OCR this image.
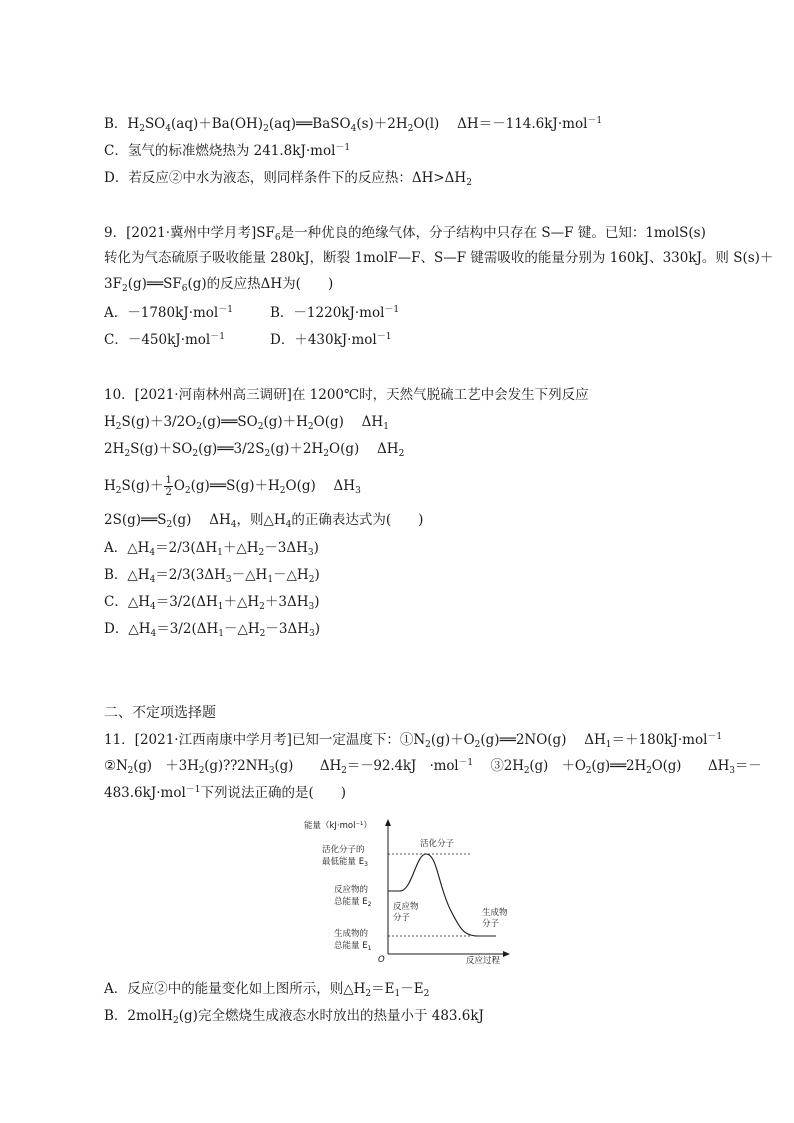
B．$H_2SO_4(aq)+Ba(OH)_2(aq)══BaSO_4(s)+2H_2O(l)$　 ΔH＝－114.6kJ·mol$^{-1}$
C．氢气的标准燃烧热为 241.8kJ·mol$^{-1}$
D．若反应②中水为液态，则同样条件下的反应热：$\Delta H>\Delta H_2$
9．[2021·冀州中学月考]$SF_6$是一种优良的绝缘气体，分子结构中只存在 S—F 键。已知：1molS(s)
转化为气态硫原子吸收能量 280kJ，断裂 1molF—F、S—F 键需吸收的能量分别为 160kJ、330kJ。则 S(s)＋
$3F_2(g)══SF_6(g)$的反应热ΔH为(　　)
A．－1780kJ·mol$^{-1}$	B．－1220kJ·mol$^{-1}$
C．－450kJ·mol$^{-1}$	D．＋430kJ·mol$^{-1}$
10．[2021·河南林州高三调研]在 1200℃时，天然气脱硫工艺中会发生下列反应
$H_2S(g)+3/2O_2(g)══SO_2(g)+H_2O(g)$　 $\Delta H_1$
$2H_2S(g)+SO_2(g)══3/2S_2(g)+2H_2O(g)$　 $\Delta H_2$
$H_2S(g)+ \frac{1}{2}$ $O_2(g)══S(g)+H_2O(g)$　 $\Delta H_3$
$2S(g)══S_2(g)$　 $\Delta H_4$，则$\triangle H_4$的正确表达式为(　　)
A．$\triangle H_4=2/3(\Delta H_1+\triangle H_2-3\Delta H_3)$
B．$\triangle H_4=2/3(3\Delta H_3-\triangle H_1-\triangle H_2)$
C．$\triangle H_4=3/2(\Delta H_1+\triangle H_2+3\Delta H_3)$
D．$\triangle H_4=3/2(\Delta H_1-\triangle H_2-3\Delta H_3)$
二、不定项选择题
11．[2021·江西南康中学月考]已知一定温度下：$①N_2(g)+O_2(g)══2NO(g)$　 $\Delta H_1=+180kJ\cdot mol^{-1}$
$②N_2(g)$　$+3H_2(g)??2NH_3(g)$　　$\Delta H_2=-92.4kJ$　·mol$^{-1}$　 $③2H_2(g)$　$+O_2(g)══2H_2O(g)$　　$\Delta H_3=-$
483.6kJ·mol$^{-1}$下列说法正确的是(　　)
能量（kJ·mol⁻¹）
活化分子
活化分子的
最低能量 $E_3$
反应物的
总能量 $E_2$	反应物
分子	生成物
分子
生成物的
总能量 $E_1$
O	反应过程
A．反应②中的能量变化如上图所示，则$\triangle H_2=E_1-E_2$
B．2molH$_2$(g)完全燃烧生成液态水时放出的热量小于 483.6kJ
